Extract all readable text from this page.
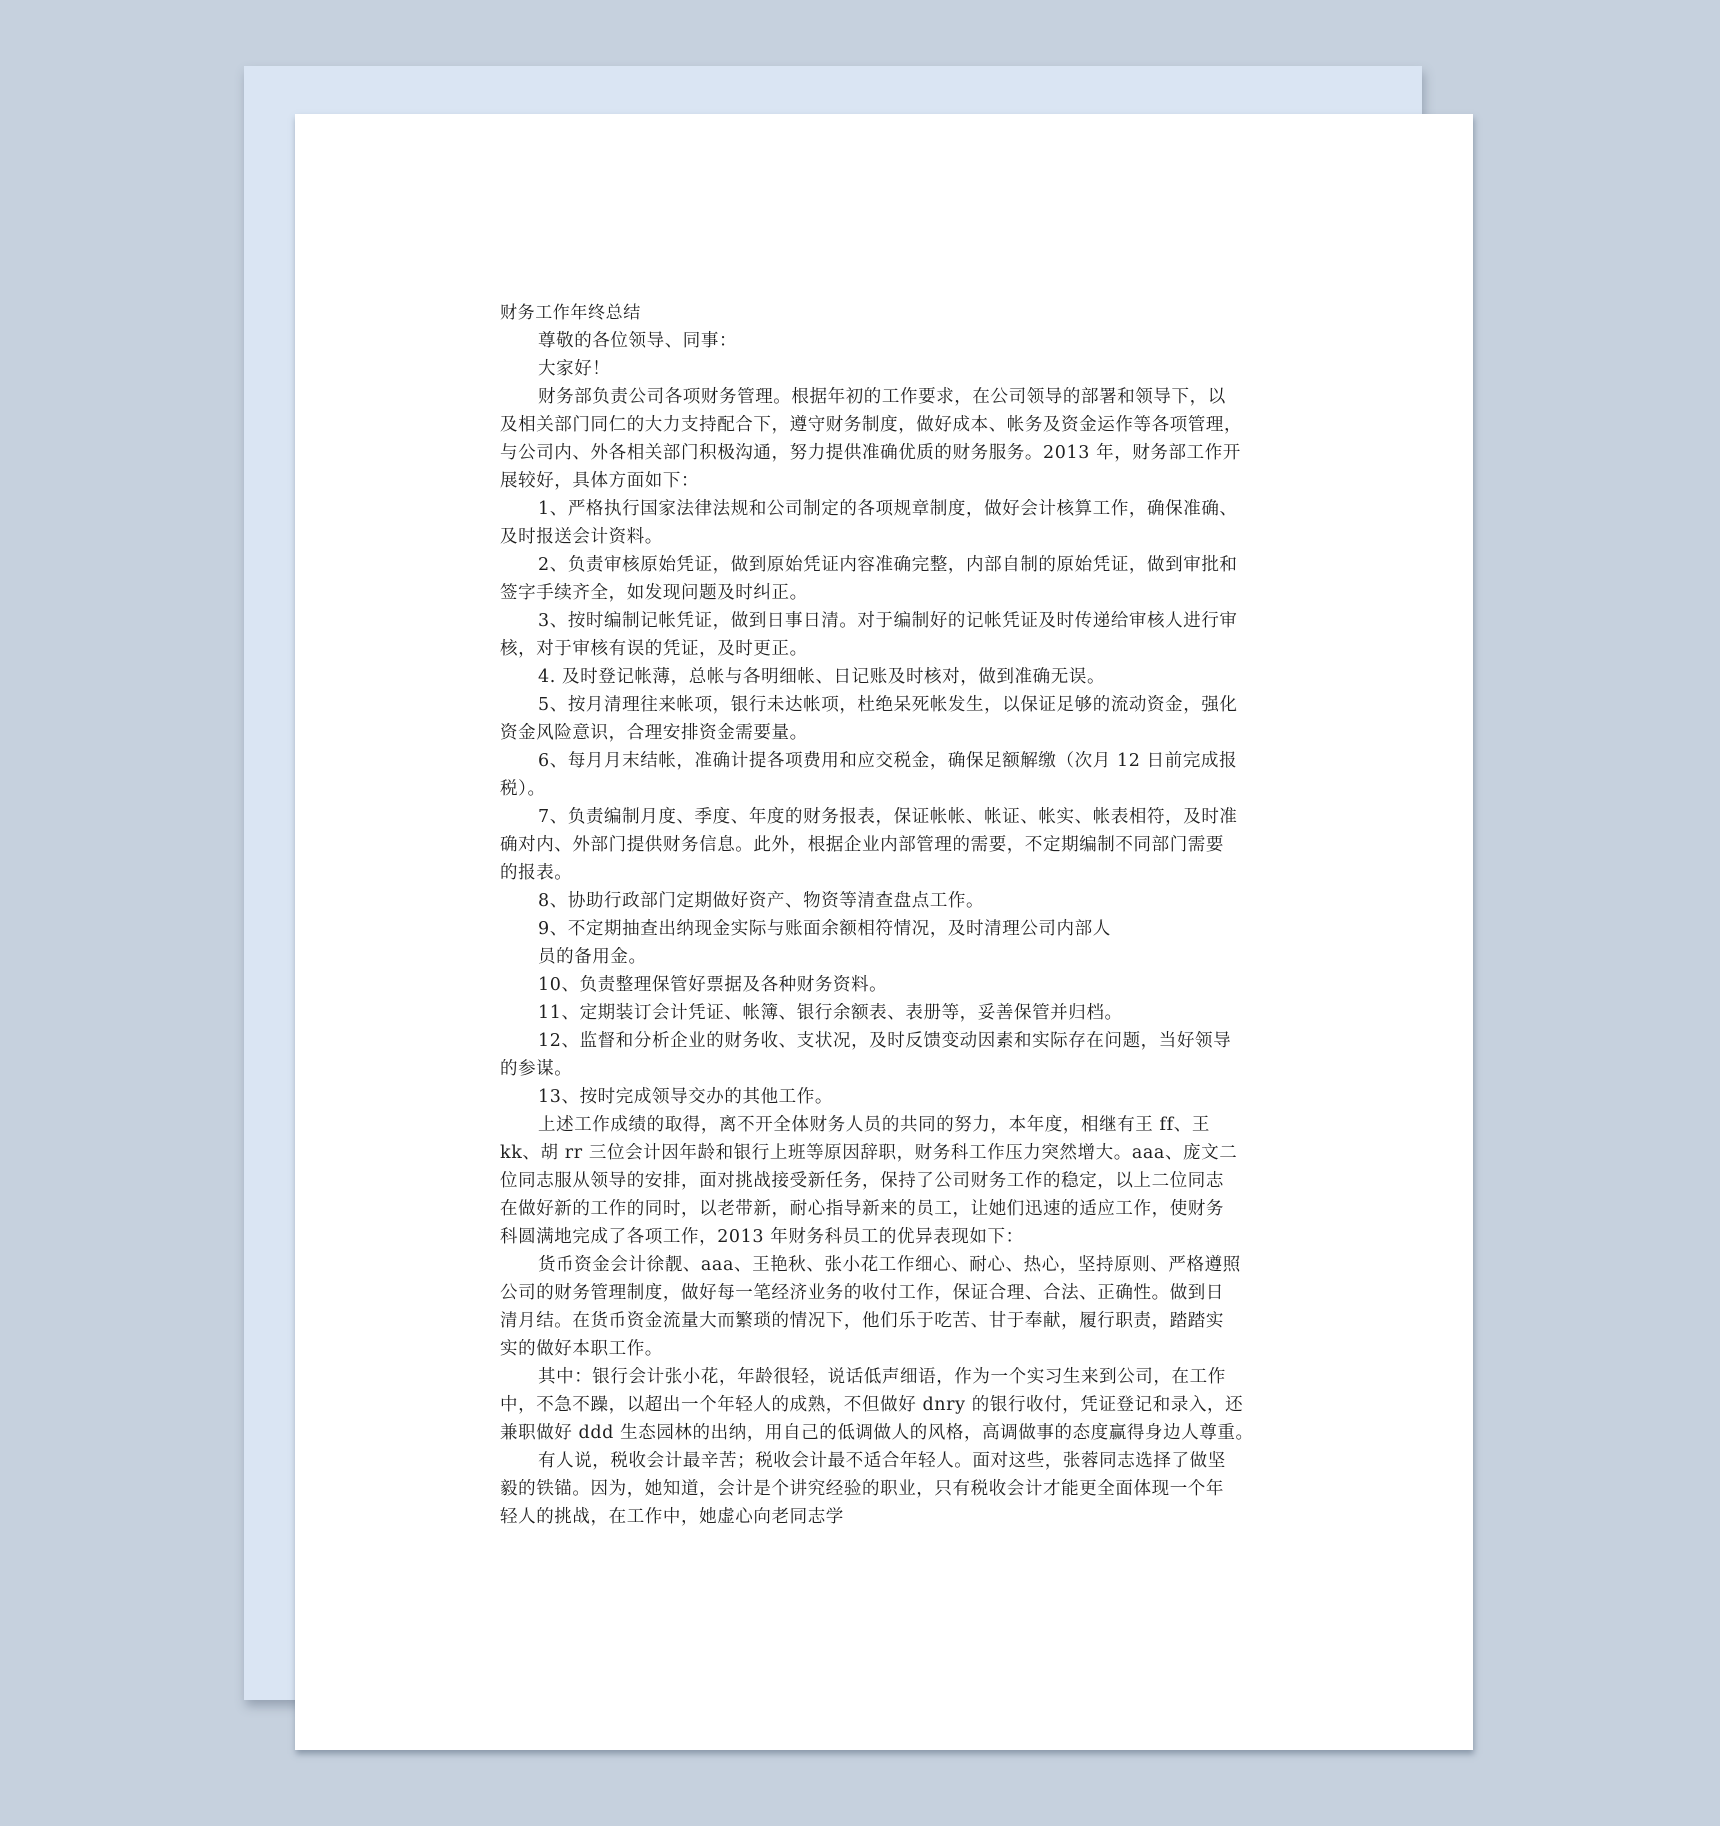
财务工作年终总结
尊敬的各位领导、同事：
大家好！
财务部负责公司各项财务管理。根据年初的工作要求，在公司领导的部署和领导下，以
及相关部门同仁的大力支持配合下，遵守财务制度，做好成本、帐务及资金运作等各项管理，
与公司内、外各相关部门积极沟通，努力提供准确优质的财务服务。2013 年，财务部工作开
展较好，具体方面如下：
1、严格执行国家法律法规和公司制定的各项规章制度，做好会计核算工作，确保准确、
及时报送会计资料。
2、负责审核原始凭证，做到原始凭证内容准确完整，内部自制的原始凭证，做到审批和
签字手续齐全，如发现问题及时纠正。
3、按时编制记帐凭证，做到日事日清。对于编制好的记帐凭证及时传递给审核人进行审
核，对于审核有误的凭证，及时更正。
4. 及时登记帐薄，总帐与各明细帐、日记账及时核对，做到准确无误。
5、按月清理往来帐项，银行未达帐项，杜绝呆死帐发生，以保证足够的流动资金，强化
资金风险意识，合理安排资金需要量。
6、每月月末结帐，准确计提各项费用和应交税金，确保足额解缴（次月 12 日前完成报
税）。
7、负责编制月度、季度、年度的财务报表，保证帐帐、帐证、帐实、帐表相符，及时准
确对内、外部门提供财务信息。此外，根据企业内部管理的需要，不定期编制不同部门需要
的报表。
8、协助行政部门定期做好资产、物资等清查盘点工作。
9、不定期抽查出纳现金实际与账面余额相符情况，及时清理公司内部人
员的备用金。
10、负责整理保管好票据及各种财务资料。
11、定期装订会计凭证、帐簿、银行余额表、表册等，妥善保管并归档。
12、监督和分析企业的财务收、支状况，及时反馈变动因素和实际存在问题，当好领导
的参谋。
13、按时完成领导交办的其他工作。
上述工作成绩的取得，离不开全体财务人员的共同的努力，本年度，相继有王 ff、王
kk、胡 rr 三位会计因年龄和银行上班等原因辞职，财务科工作压力突然增大。aaa、庞文二
位同志服从领导的安排，面对挑战接受新任务，保持了公司财务工作的稳定，以上二位同志
在做好新的工作的同时，以老带新，耐心指导新来的员工，让她们迅速的适应工作，使财务
科圆满地完成了各项工作，2013 年财务科员工的优异表现如下：
货币资金会计徐靓、aaa、王艳秋、张小花工作细心、耐心、热心，坚持原则、严格遵照
公司的财务管理制度，做好每一笔经济业务的收付工作，保证合理、合法、正确性。做到日
清月结。在货币资金流量大而繁琐的情况下，他们乐于吃苦、甘于奉献，履行职责，踏踏实
实的做好本职工作。
其中：银行会计张小花，年龄很轻，说话低声细语，作为一个实习生来到公司，在工作
中，不急不躁，以超出一个年轻人的成熟，不但做好 dnry 的银行收付，凭证登记和录入，还
兼职做好 ddd 生态园林的出纳，用自己的低调做人的风格，高调做事的态度赢得身边人尊重。
有人说，税收会计最辛苦；税收会计最不适合年轻人。面对这些，张蓉同志选择了做坚
毅的铁锚。因为，她知道，会计是个讲究经验的职业，只有税收会计才能更全面体现一个年
轻人的挑战，在工作中，她虚心向老同志学
